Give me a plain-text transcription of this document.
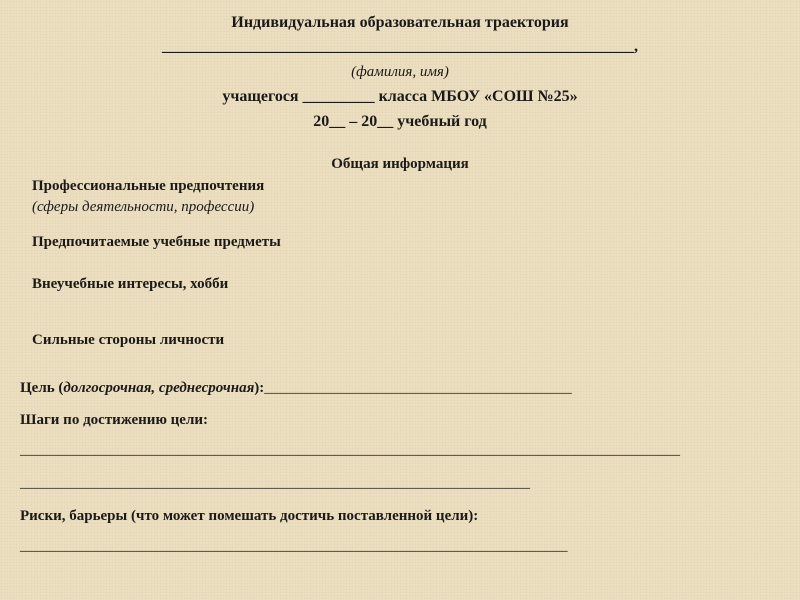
Индивидуальная образовательная траектория
___________________________________________________________,
(фамилия, имя)
учащегося _________ класса МБОУ «СОШ №25»
20__ – 20__ учебный год
Общая информация
Профессиональные предпочтения
(сферы деятельности, профессии)
Предпочитаемые учебные предметы
Внеучебные интересы, хобби
Сильные стороны личности
Цель (долгосрочная, среднесрочная):_________________________________________
Шаги по достижению цели:
________________________________________________________________________________________
____________________________________________________________________
Риски, барьеры (что может помешать достичь поставленной цели):
_________________________________________________________________________
